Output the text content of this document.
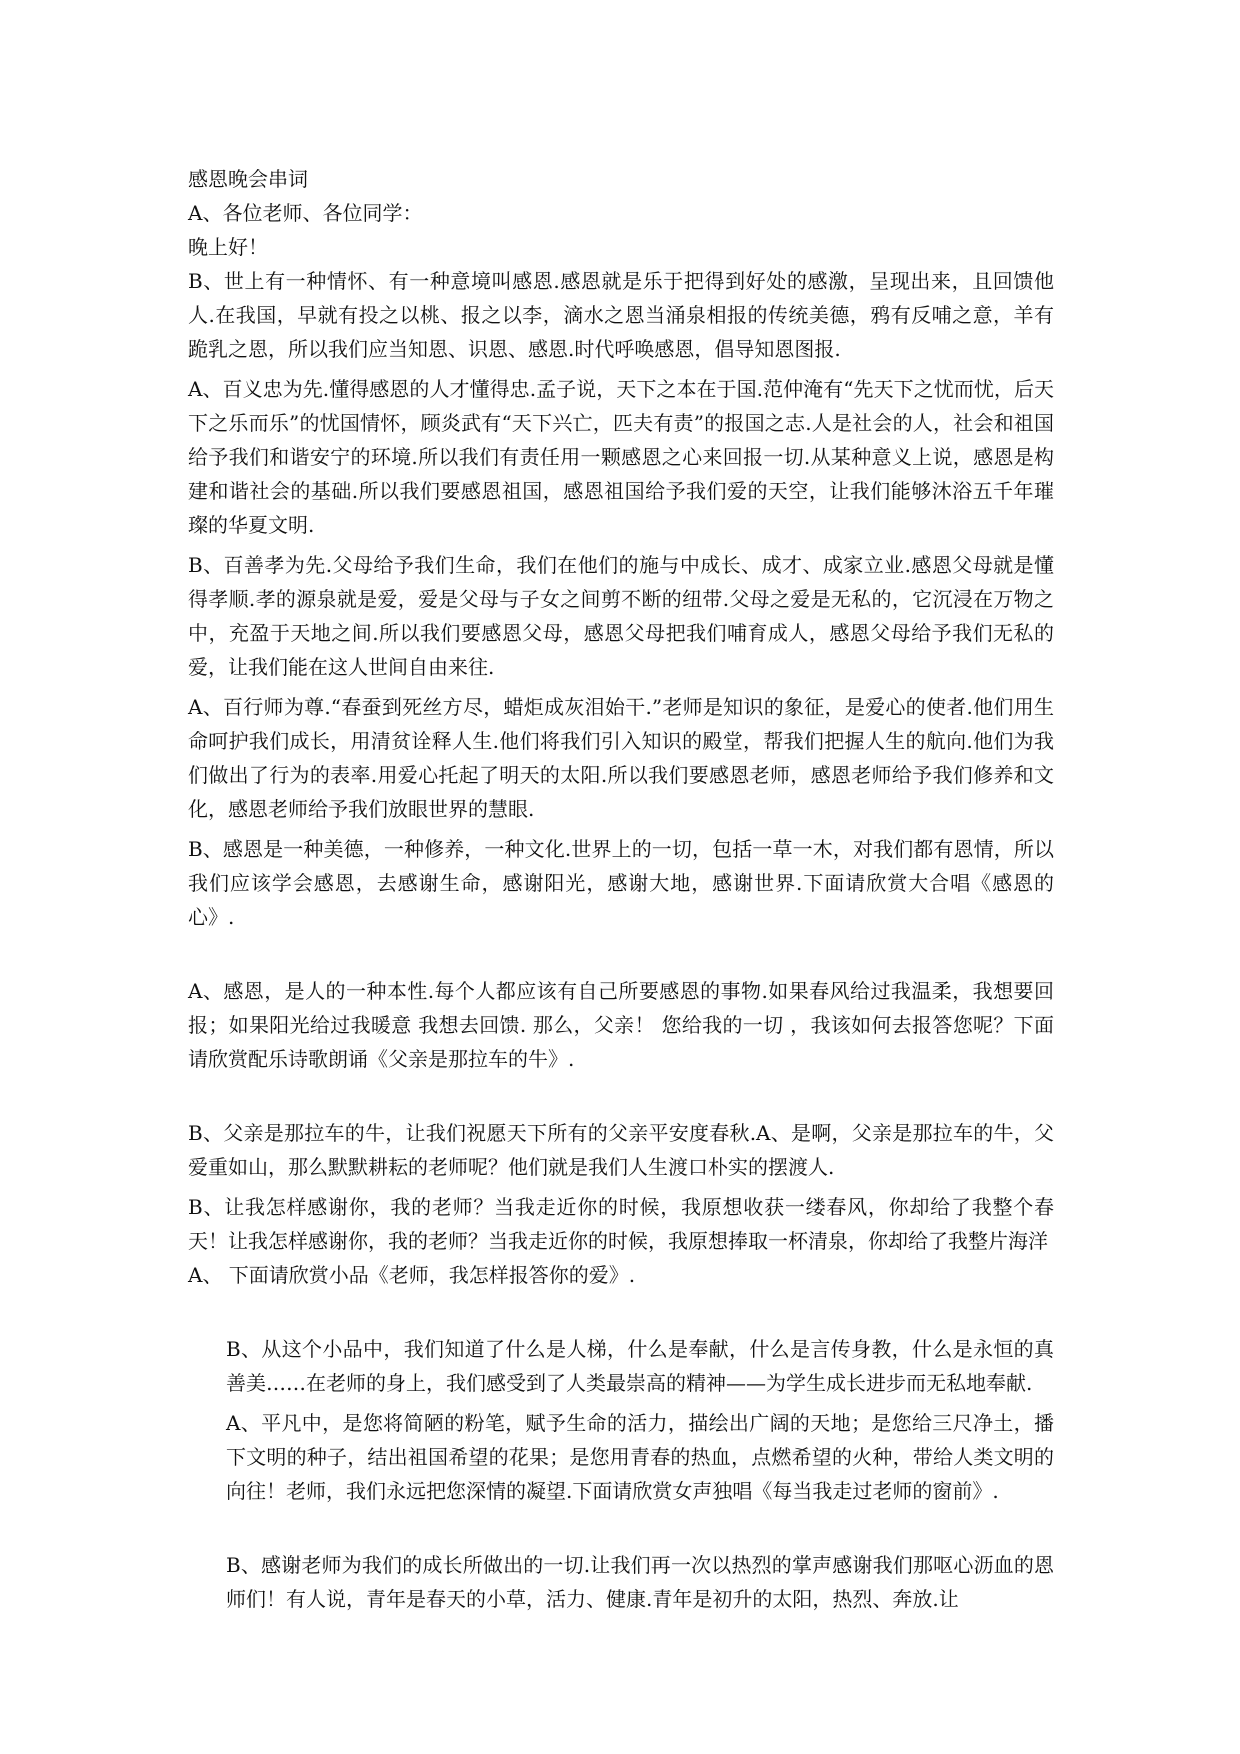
感恩晚会串词

A、各位老师、各位同学：

晚上好！

B、世上有一种情怀、有一种意境叫感恩.感恩就是乐于把得到好处的感激，呈现出来，且回馈他人.在我国，早就有投之以桃、报之以李，滴水之恩当涌泉相报的传统美德，鸦有反哺之意，羊有跪乳之恩，所以我们应当知恩、识恩、感恩.时代呼唤感恩，倡导知恩图报.

A、百义忠为先.懂得感恩的人才懂得忠.孟子说，天下之本在于国.范仲淹有“先天下之忧而忧，后天下之乐而乐”的忧国情怀，顾炎武有“天下兴亡，匹夫有责”的报国之志.人是社会的人，社会和祖国给予我们和谐安宁的环境.所以我们有责任用一颗感恩之心来回报一切.从某种意义上说，感恩是构建和谐社会的基础.所以我们要感恩祖国，感恩祖国给予我们爱的天空，让我们能够沐浴五千年璀璨的华夏文明.

B、百善孝为先.父母给予我们生命，我们在他们的施与中成长、成才、成家立业.感恩父母就是懂得孝顺.孝的源泉就是爱，爱是父母与子女之间剪不断的纽带.父母之爱是无私的，它沉浸在万物之中，充盈于天地之间.所以我们要感恩父母，感恩父母把我们哺育成人，感恩父母给予我们无私的爱，让我们能在这人世间自由来往.

A、百行师为尊.“春蚕到死丝方尽，蜡炬成灰泪始干.”老师是知识的象征，是爱心的使者.他们用生命呵护我们成长，用清贫诠释人生.他们将我们引入知识的殿堂，帮我们把握人生的航向.他们为我们做出了行为的表率.用爱心托起了明天的太阳.所以我们要感恩老师，感恩老师给予我们修养和文化，感恩老师给予我们放眼世界的慧眼.

B、感恩是一种美德，一种修养，一种文化.世界上的一切，包括一草一木，对我们都有恩情，所以我们应该学会感恩，去感谢生命，感谢阳光，感谢大地，感谢世界.下面请欣赏大合唱《感恩的心》.

A、感恩，是人的一种本性.每个人都应该有自己所要感恩的事物.如果春风给过我温柔，我想要回报；如果阳光给过我暖意 我想去回馈. 那么，父亲！ 您给我的一切 ，我该如何去报答您呢？下面请欣赏配乐诗歌朗诵《父亲是那拉车的牛》.

B、父亲是那拉车的牛，让我们祝愿天下所有的父亲平安度春秋.A、是啊，父亲是那拉车的牛，父爱重如山，那么默默耕耘的老师呢？他们就是我们人生渡口朴实的摆渡人.

B、让我怎样感谢你，我的老师？当我走近你的时候，我原想收获一缕春风，你却给了我整个春天！让我怎样感谢你，我的老师？当我走近你的时候，我原想捧取一杯清泉，你却给了我整片海洋

A、 下面请欣赏小品《老师，我怎样报答你的爱》.

B、从这个小品中，我们知道了什么是人梯，什么是奉献，什么是言传身教，什么是永恒的真善美……在老师的身上，我们感受到了人类最崇高的精神——为学生成长进步而无私地奉献.

A、平凡中，是您将简陋的粉笔，赋予生命的活力，描绘出广阔的天地；是您给三尺净土，播下文明的种子，结出祖国希望的花果；是您用青春的热血，点燃希望的火种，带给人类文明的向往！老师，我们永远把您深情的凝望.下面请欣赏女声独唱《每当我走过老师的窗前》.

B、感谢老师为我们的成长所做出的一切.让我们再一次以热烈的掌声感谢我们那呕心沥血的恩师们！有人说，青年是春天的小草，活力、健康.青年是初升的太阳，热烈、奔放.让
